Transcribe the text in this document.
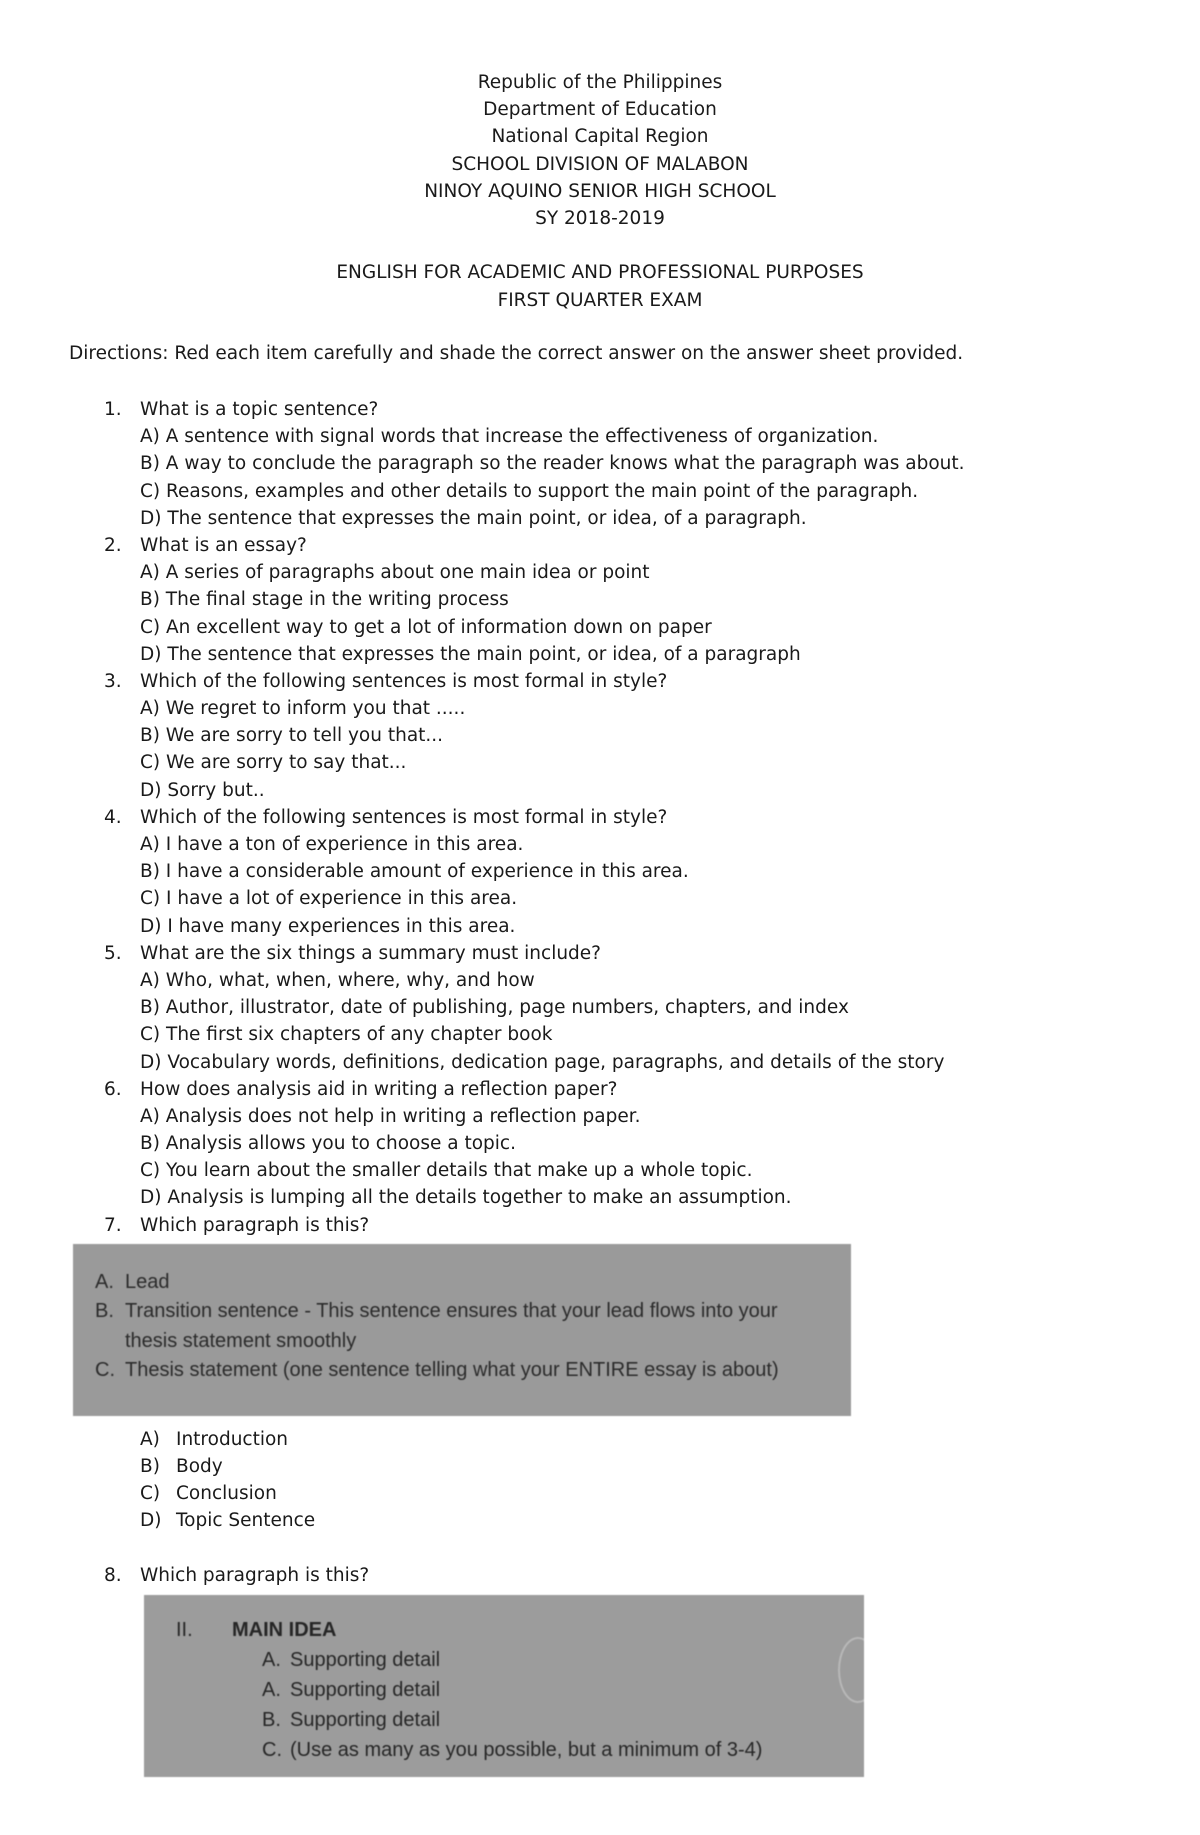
Republic of the Philippines
Department of Education
National Capital Region
SCHOOL DIVISION OF MALABON
NINOY AQUINO SENIOR HIGH SCHOOL
SY 2018-2019
ENGLISH FOR ACADEMIC AND PROFESSIONAL PURPOSES
FIRST QUARTER EXAM
Directions: Red each item carefully and shade the correct answer on the answer sheet provided.
1. What is a topic sentence?
A) A sentence with signal words that increase the effectiveness of organization.
B) A way to conclude the paragraph so the reader knows what the paragraph was about.
C) Reasons, examples and other details to support the main point of the paragraph.
D) The sentence that expresses the main point, or idea, of a paragraph.
2. What is an essay?
A) A series of paragraphs about one main idea or point
B) The final stage in the writing process
C) An excellent way to get a lot of information down on paper
D) The sentence that expresses the main point, or idea, of a paragraph
3. Which of the following sentences is most formal in style?
A) We regret to inform you that .....
B) We are sorry to tell you that...
C) We are sorry to say that...
D) Sorry but..
4. Which of the following sentences is most formal in style?
A) I have a ton of experience in this area.
B) I have a considerable amount of experience in this area.
C) I have a lot of experience in this area.
D) I have many experiences in this area.
5. What are the six things a summary must include?
A) Who, what, when, where, why, and how
B) Author, illustrator, date of publishing, page numbers, chapters, and index
C) The first six chapters of any chapter book
D) Vocabulary words, definitions, dedication page, paragraphs, and details of the story
6. How does analysis aid in writing a reflection paper?
A) Analysis does not help in writing a reflection paper.
B) Analysis allows you to choose a topic.
C) You learn about the smaller details that make up a whole topic.
D) Analysis is lumping all the details together to make an assumption.
7. Which paragraph is this?
A. Lead
B. Transition sentence - This sentence ensures that your lead flows into your thesis statement smoothly
C. Thesis statement (one sentence telling what your ENTIRE essay is about)
A) Introduction
B) Body
C) Conclusion
D) Topic Sentence
8. Which paragraph is this?
II. MAIN IDEA
A. Supporting detail
A. Supporting detail
B. Supporting detail
C. (Use as many as you possible, but a minimum of 3-4)
